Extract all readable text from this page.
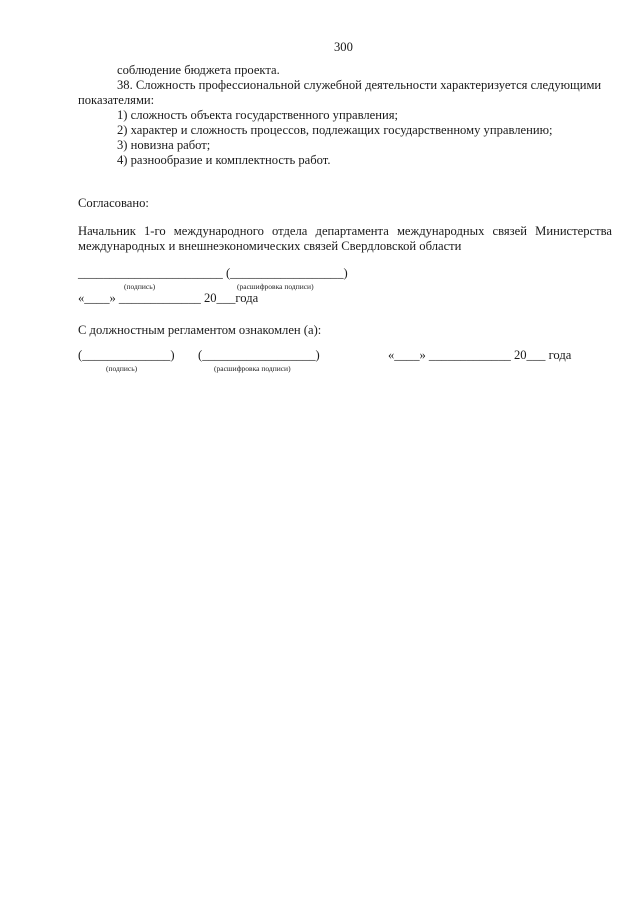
300
соблюдение бюджета проекта.
38. Сложность профессиональной служебной деятельности характеризуется следующими
показателями:
1) сложность объекта государственного управления;
2) характер и сложность процессов, подлежащих государственному управлению;
3) новизна работ;
4) разнообразие и комплектность работ.
Согласовано:
Начальник 1-го международного отдела департамента международных связей Министерства
международных и внешнеэкономических связей Свердловской области
_______________________ (__________________)
(подпись)	(расшифровка подписи)
«____» _____________ 20___года
С должностным регламентом ознакомлен (а):
(______________) (__________________)	«____» _____________ 20___ года
(подпись)	(расшифровка подписи)
